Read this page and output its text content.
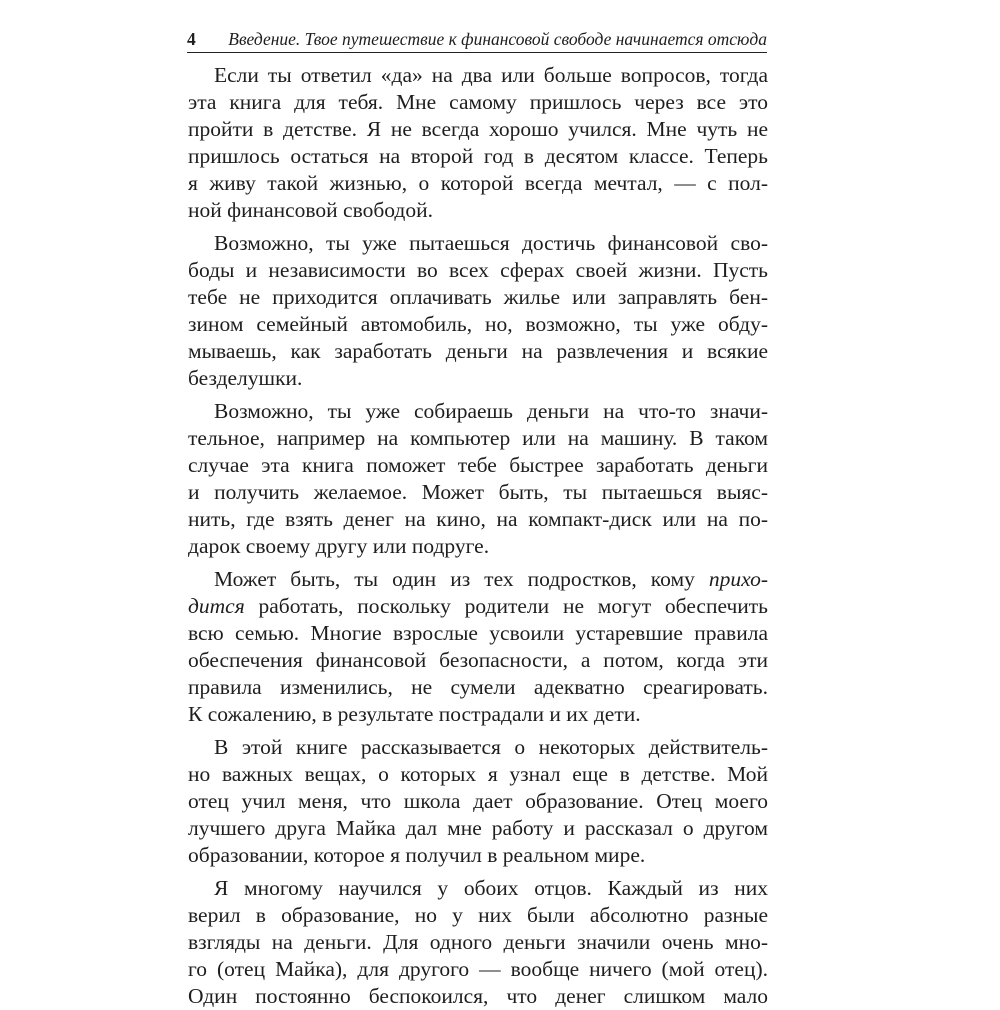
4 Введение. Твое путешествие к финансовой свободе начинается отсюда
Если ты ответил «да» на два или больше вопросов, тогда
эта книга для тебя. Мне самому пришлось через все это
пройти в детстве. Я не всегда хорошо учился. Мне чуть не
пришлось остаться на второй год в десятом классе. Теперь
я живу такой жизнью, о которой всегда мечтал, — с пол-
ной финансовой свободой.
Возможно, ты уже пытаешься достичь финансовой сво-
боды и независимости во всех сферах своей жизни. Пусть
тебе не приходится оплачивать жилье или заправлять бен-
зином семейный автомобиль, но, возможно, ты уже обду-
мываешь, как заработать деньги на развлечения и всякие
безделушки.
Возможно, ты уже собираешь деньги на что-то значи-
тельное, например на компьютер или на машину. В таком
случае эта книга поможет тебе быстрее заработать деньги
и получить желаемое. Может быть, ты пытаешься выяс-
нить, где взять денег на кино, на компакт-диск или на по-
дарок своему другу или подруге.
Может быть, ты один из тех подростков, кому прихо-
дится работать, поскольку родители не могут обеспечить
всю семью. Многие взрослые усвоили устаревшие правила
обеспечения финансовой безопасности, а потом, когда эти
правила изменились, не сумели адекватно среагировать.
К сожалению, в результате пострадали и их дети.
В этой книге рассказывается о некоторых действитель-
но важных вещах, о которых я узнал еще в детстве. Мой
отец учил меня, что школа дает образование. Отец моего
лучшего друга Майка дал мне работу и рассказал о другом
образовании, которое я получил в реальном мире.
Я многому научился у обоих отцов. Каждый из них
верил в образование, но у них были абсолютно разные
взгляды на деньги. Для одного деньги значили очень мно-
го (отец Майка), для другого — вообще ничего (мой отец).
Один постоянно беспокоился, что денег слишком мало
